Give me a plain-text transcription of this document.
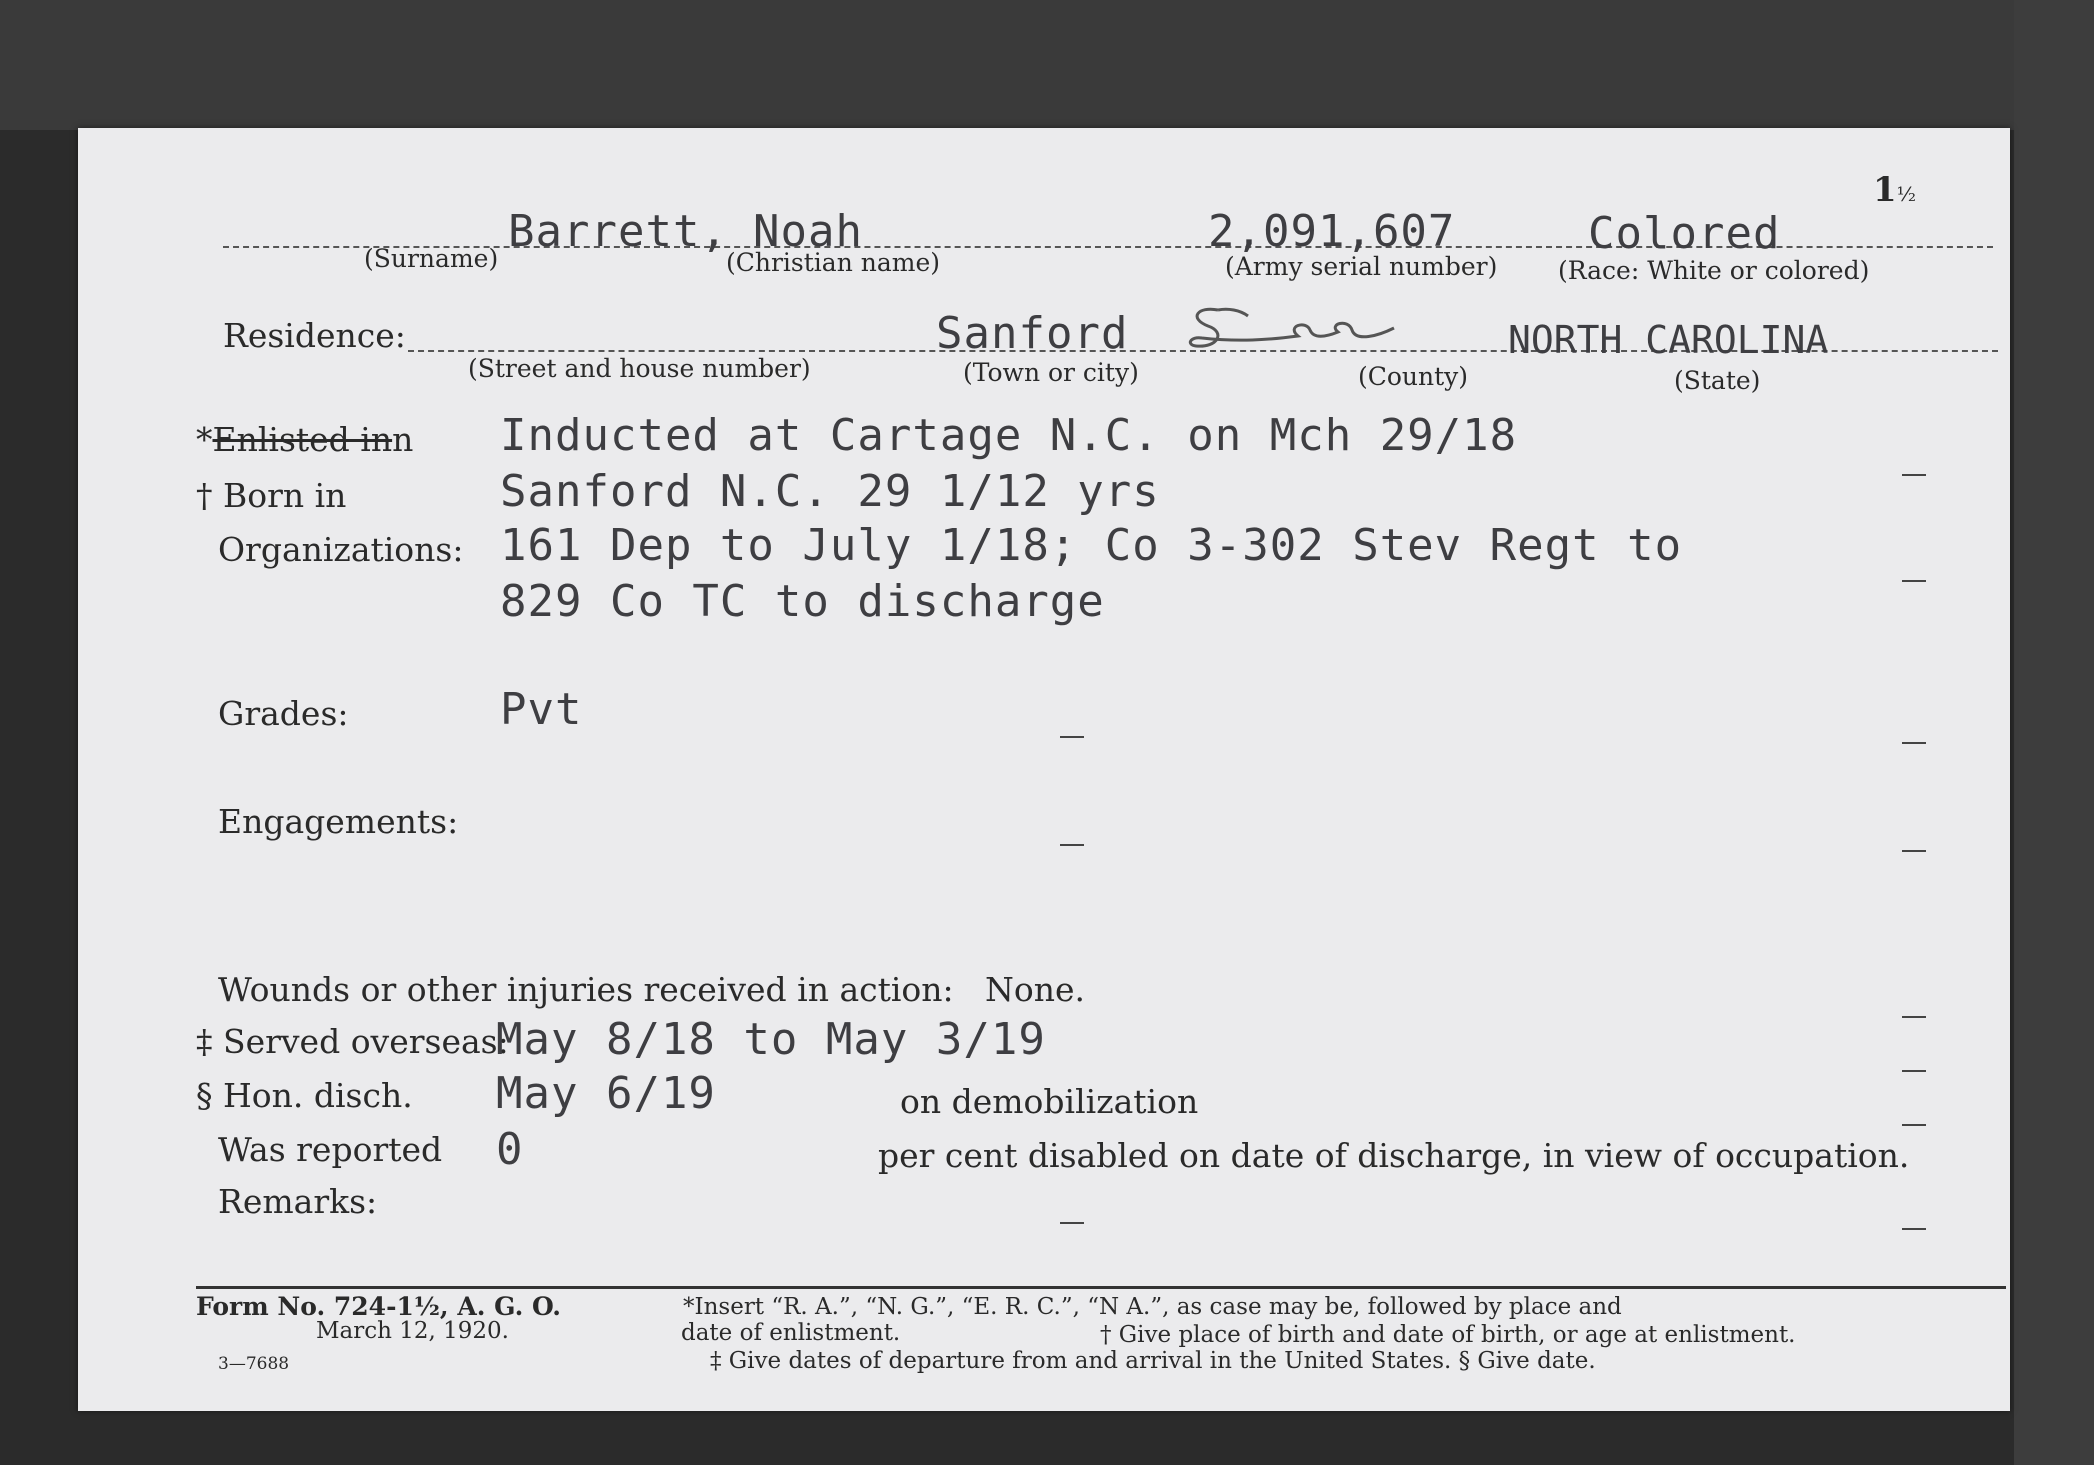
1½
Barrett, Noah	2,091,607	Colored
(Surname)	(Christian name)	(Army serial number) (Race: White or colored)
Residence:	Sanford	NORTH CAROLINA
(Street and house number)	(Town or city)	(County)	(State)
*Enlisted inn Inducted at Cartage N.C. on Mch 29/18
† Born in	Sanford N.C. 29 1/12 yrs
Organizations: 161 Dep to July 1/18; Co 3-302 Stev Regt to
829 Co TC to discharge
Grades:	Pvt
Engagements:
Wounds or other injuries received in action: None.
‡ Served overseas:
May 8/18 to May 3/19
§ Hon. disch. May 6/19	on demobilization
Was reported 0	per cent disabled on date of discharge, in view of occupation.
Remarks:
Form No. 724-1½, A. G. O.
March 12, 1920.
3—7688
*Insert “R. A.”, “N. G.”, “E. R. C.”, “N A.”, as case may be, followed by place and
date of enlistment.	† Give place of birth and date of birth, or age at enlistment.
‡ Give dates of departure from and arrival in the United States. § Give date.
